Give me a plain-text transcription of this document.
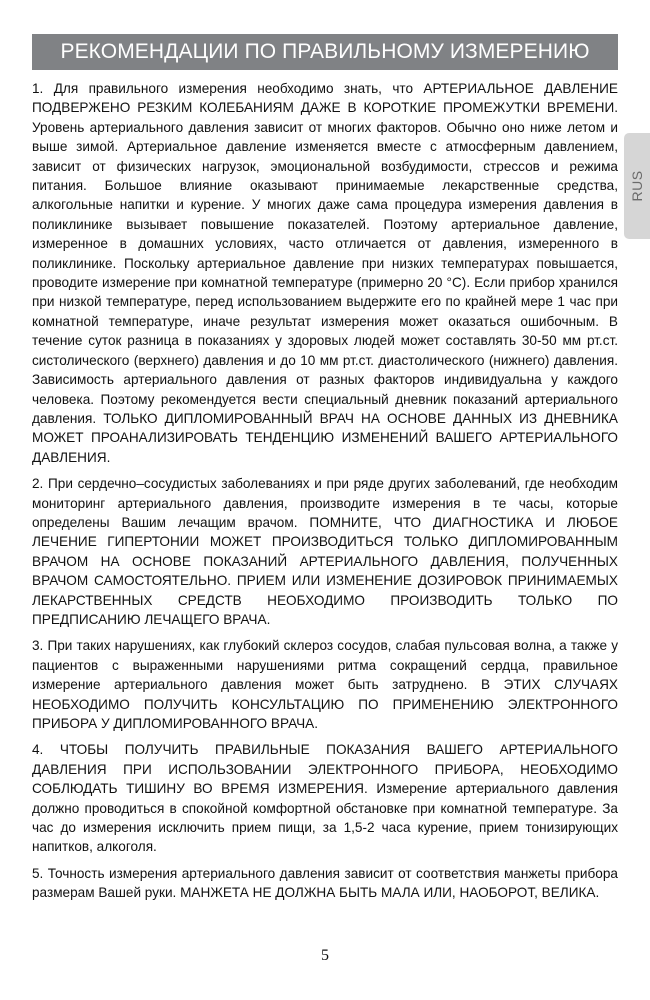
РЕКОМЕНДАЦИИ ПО ПРАВИЛЬНОМУ ИЗМЕРЕНИЮ
RUS

1. Для правильного измерения необходимо знать, что АРТЕРИАЛЬНОЕ ДАВЛЕНИЕ ПОДВЕРЖЕНО РЕЗКИМ КОЛЕБАНИЯМ ДАЖЕ В КОРОТКИЕ ПРОМЕЖУТКИ ВРЕМЕНИ. Уровень артериального давления зависит от многих факторов. Обычно оно ниже летом и выше зимой. Артериальное давление изменяется вместе с атмосферным давлением, зависит от физических нагрузок, эмоциональной возбудимости, стрессов и режима питания. Большое влияние оказывают принимаемые лекарственные средства, алкогольные напитки и курение. У многих даже сама процедура измерения давления в поликлинике вызывает повышение показателей. Поэтому артериальное давление, измеренное в домашних условиях, часто отличается от давления, измеренного в поликлинике. Поскольку артериальное давление при низких температурах повышается, проводите измерение при комнатной температуре (примерно 20 °С). Если прибор хранился при низкой температуре, перед использованием выдержите его по крайней мере 1 час при комнатной температуре, иначе результат измерения может оказаться ошибочным. В течение суток разница в показаниях у здоровых людей может составлять 30-50 мм рт.ст. систолического (верхнего) давления и до 10 мм рт.ст. диастолического (нижнего) давления. Зависимость артериального давления от разных факторов индивидуальна у каждого человека. Поэтому рекомендуется вести специальный дневник показаний артериального давления. ТОЛЬКО ДИПЛОМИРОВАННЫЙ ВРАЧ НА ОСНОВЕ ДАННЫХ ИЗ ДНЕВНИКА МОЖЕТ ПРОАНАЛИЗИРОВАТЬ ТЕНДЕНЦИЮ ИЗМЕНЕНИЙ ВАШЕГО АРТЕРИАЛЬНОГО ДАВЛЕНИЯ.

2. При сердечно–сосудистых заболеваниях и при ряде других заболеваний, где необходим мониторинг артериального давления, производите измерения в те часы, которые определены Вашим лечащим врачом. ПОМНИТЕ, ЧТО ДИАГНОСТИКА И ЛЮБОЕ ЛЕЧЕНИЕ ГИПЕРТОНИИ МОЖЕТ ПРОИЗВОДИТЬСЯ ТОЛЬКО ДИПЛОМИРОВАННЫМ ВРАЧОМ НА ОСНОВЕ ПОКАЗАНИЙ АРТЕРИАЛЬНОГО ДАВЛЕНИЯ, ПОЛУЧЕННЫХ ВРАЧОМ САМОСТОЯТЕЛЬНО. ПРИЕМ ИЛИ ИЗМЕНЕНИЕ ДОЗИРОВОК ПРИНИМАЕМЫХ ЛЕКАРСТВЕННЫХ СРЕДСТВ НЕОБХОДИМО ПРОИЗВОДИТЬ ТОЛЬКО ПО ПРЕДПИСАНИЮ ЛЕЧАЩЕГО ВРАЧА.

3. При таких нарушениях, как глубокий склероз сосудов, слабая пульсовая волна, а также у пациентов с выраженными нарушениями ритма сокращений сердца, правильное измерение артериального давления может быть затруднено. В ЭТИХ СЛУЧАЯХ НЕОБХОДИМО ПОЛУЧИТЬ КОНСУЛЬТАЦИЮ ПО ПРИМЕНЕНИЮ ЭЛЕКТРОННОГО ПРИБОРА У ДИПЛОМИРОВАННОГО ВРАЧА.

4. ЧТОБЫ ПОЛУЧИТЬ ПРАВИЛЬНЫЕ ПОКАЗАНИЯ ВАШЕГО АРТЕРИАЛЬНОГО ДАВЛЕНИЯ ПРИ ИСПОЛЬЗОВАНИИ ЭЛЕКТРОННОГО ПРИБОРА, НЕОБХОДИМО СОБЛЮДАТЬ ТИШИНУ ВО ВРЕМЯ ИЗМЕРЕНИЯ. Измерение артериального давления должно проводиться в спокойной комфортной обстановке при комнатной температуре. За час до измерения исключить прием пищи, за 1,5-2 часа курение, прием тонизирующих напитков, алкоголя.

5. Точность измерения артериального давления зависит от соответствия манжеты прибора размерам Вашей руки. МАНЖЕТА НЕ ДОЛЖНА БЫТЬ МАЛА ИЛИ, НАОБОРОТ, ВЕЛИКА.

5
